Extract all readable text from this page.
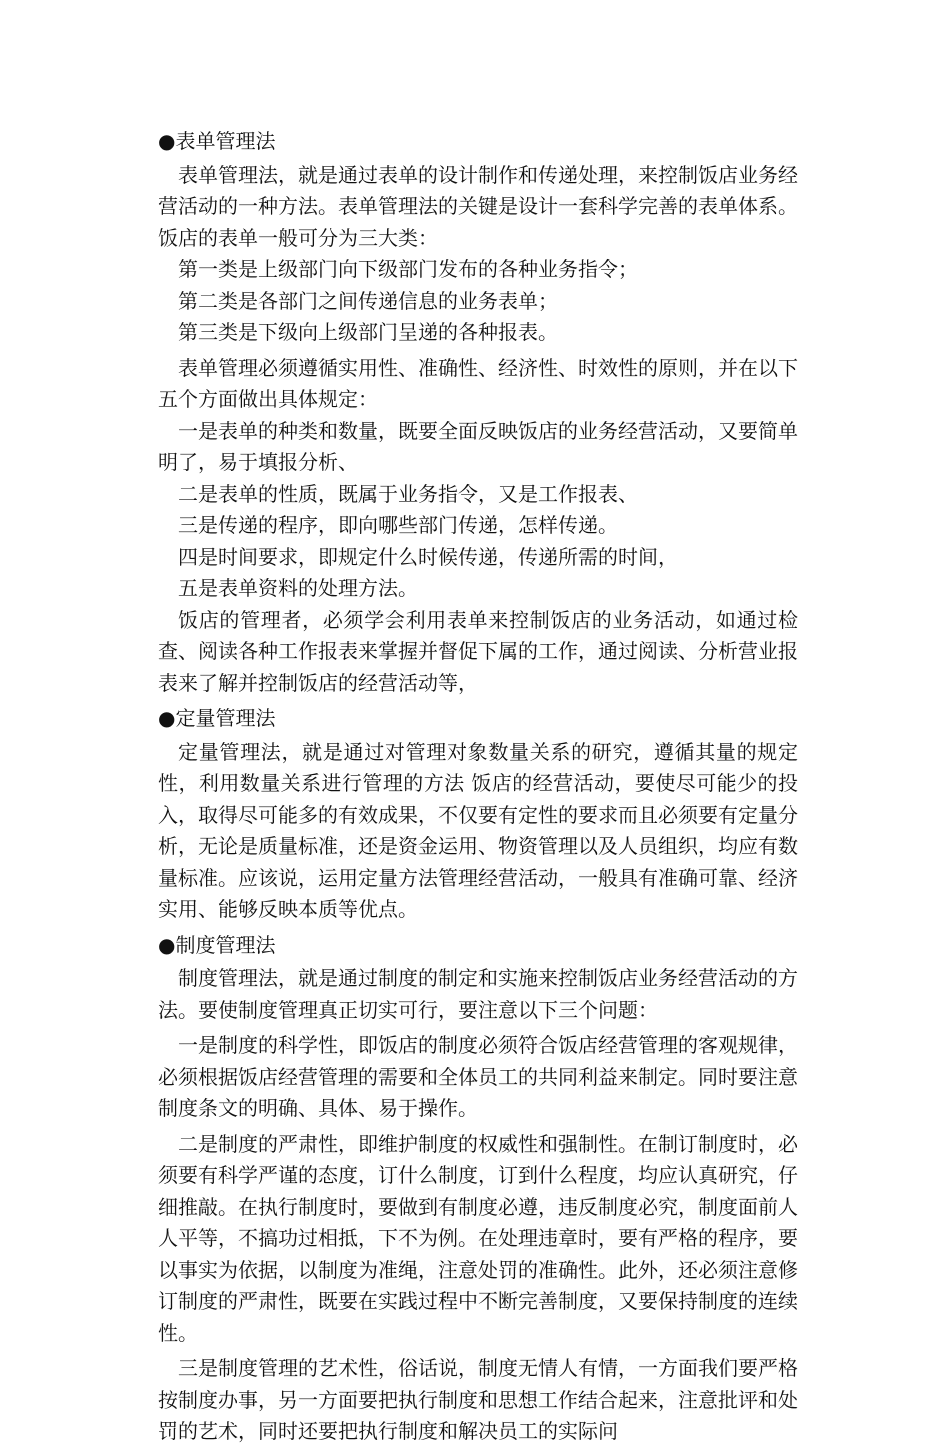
●表单管理法

表单管理法，就是通过表单的设计制作和传递处理，来控制饭店业务经营活动的一种方法。表单管理法的关键是设计一套科学完善的表单体系。饭店的表单一般可分为三大类：

第一类是上级部门向下级部门发布的各种业务指令；

第二类是各部门之间传递信息的业务表单；

第三类是下级向上级部门呈递的各种报表。

表单管理必须遵循实用性、准确性、经济性、时效性的原则，并在以下五个方面做出具体规定：

一是表单的种类和数量，既要全面反映饭店的业务经营活动，又要简单明了，易于填报分析、

二是表单的性质，既属于业务指令，又是工作报表、

三是传递的程序，即向哪些部门传递，怎样传递。

四是时间要求，即规定什么时候传递，传递所需的时间，

五是表单资料的处理方法。

饭店的管理者，必须学会利用表单来控制饭店的业务活动，如通过检查、阅读各种工作报表来掌握并督促下属的工作，通过阅读、分析营业报表来了解并控制饭店的经营活动等，

●定量管理法

定量管理法，就是通过对管理对象数量关系的研究，遵循其量的规定性，利用数量关系进行管理的方法 饭店的经营活动，要使尽可能少的投入，取得尽可能多的有效成果，不仅要有定性的要求而且必须要有定量分析，无论是质量标准，还是资金运用、物资管理以及人员组织，均应有数量标准。应该说，运用定量方法管理经营活动，一般具有准确可靠、经济实用、能够反映本质等优点。

●制度管理法

制度管理法，就是通过制度的制定和实施来控制饭店业务经营活动的方法。要使制度管理真正切实可行，要注意以下三个问题：

一是制度的科学性，即饭店的制度必须符合饭店经营管理的客观规律，必须根据饭店经营管理的需要和全体员工的共同利益来制定。同时要注意制度条文的明确、具体、易于操作。

二是制度的严肃性，即维护制度的权威性和强制性。在制订制度时，必须要有科学严谨的态度，订什么制度，订到什么程度，均应认真研究，仔细推敲。在执行制度时，要做到有制度必遵，违反制度必究，制度面前人人平等，不搞功过相抵，下不为例。在处理违章时，要有严格的程序，要以事实为依据，以制度为准绳，注意处罚的准确性。此外，还必须注意修订制度的严肃性，既要在实践过程中不断完善制度，又要保持制度的连续性。

三是制度管理的艺术性，俗话说，制度无情人有情，一方面我们要严格按制度办事，另一方面要把执行制度和思想工作结合起来，注意批评和处罚的艺术，同时还要把执行制度和解决员工的实际问
